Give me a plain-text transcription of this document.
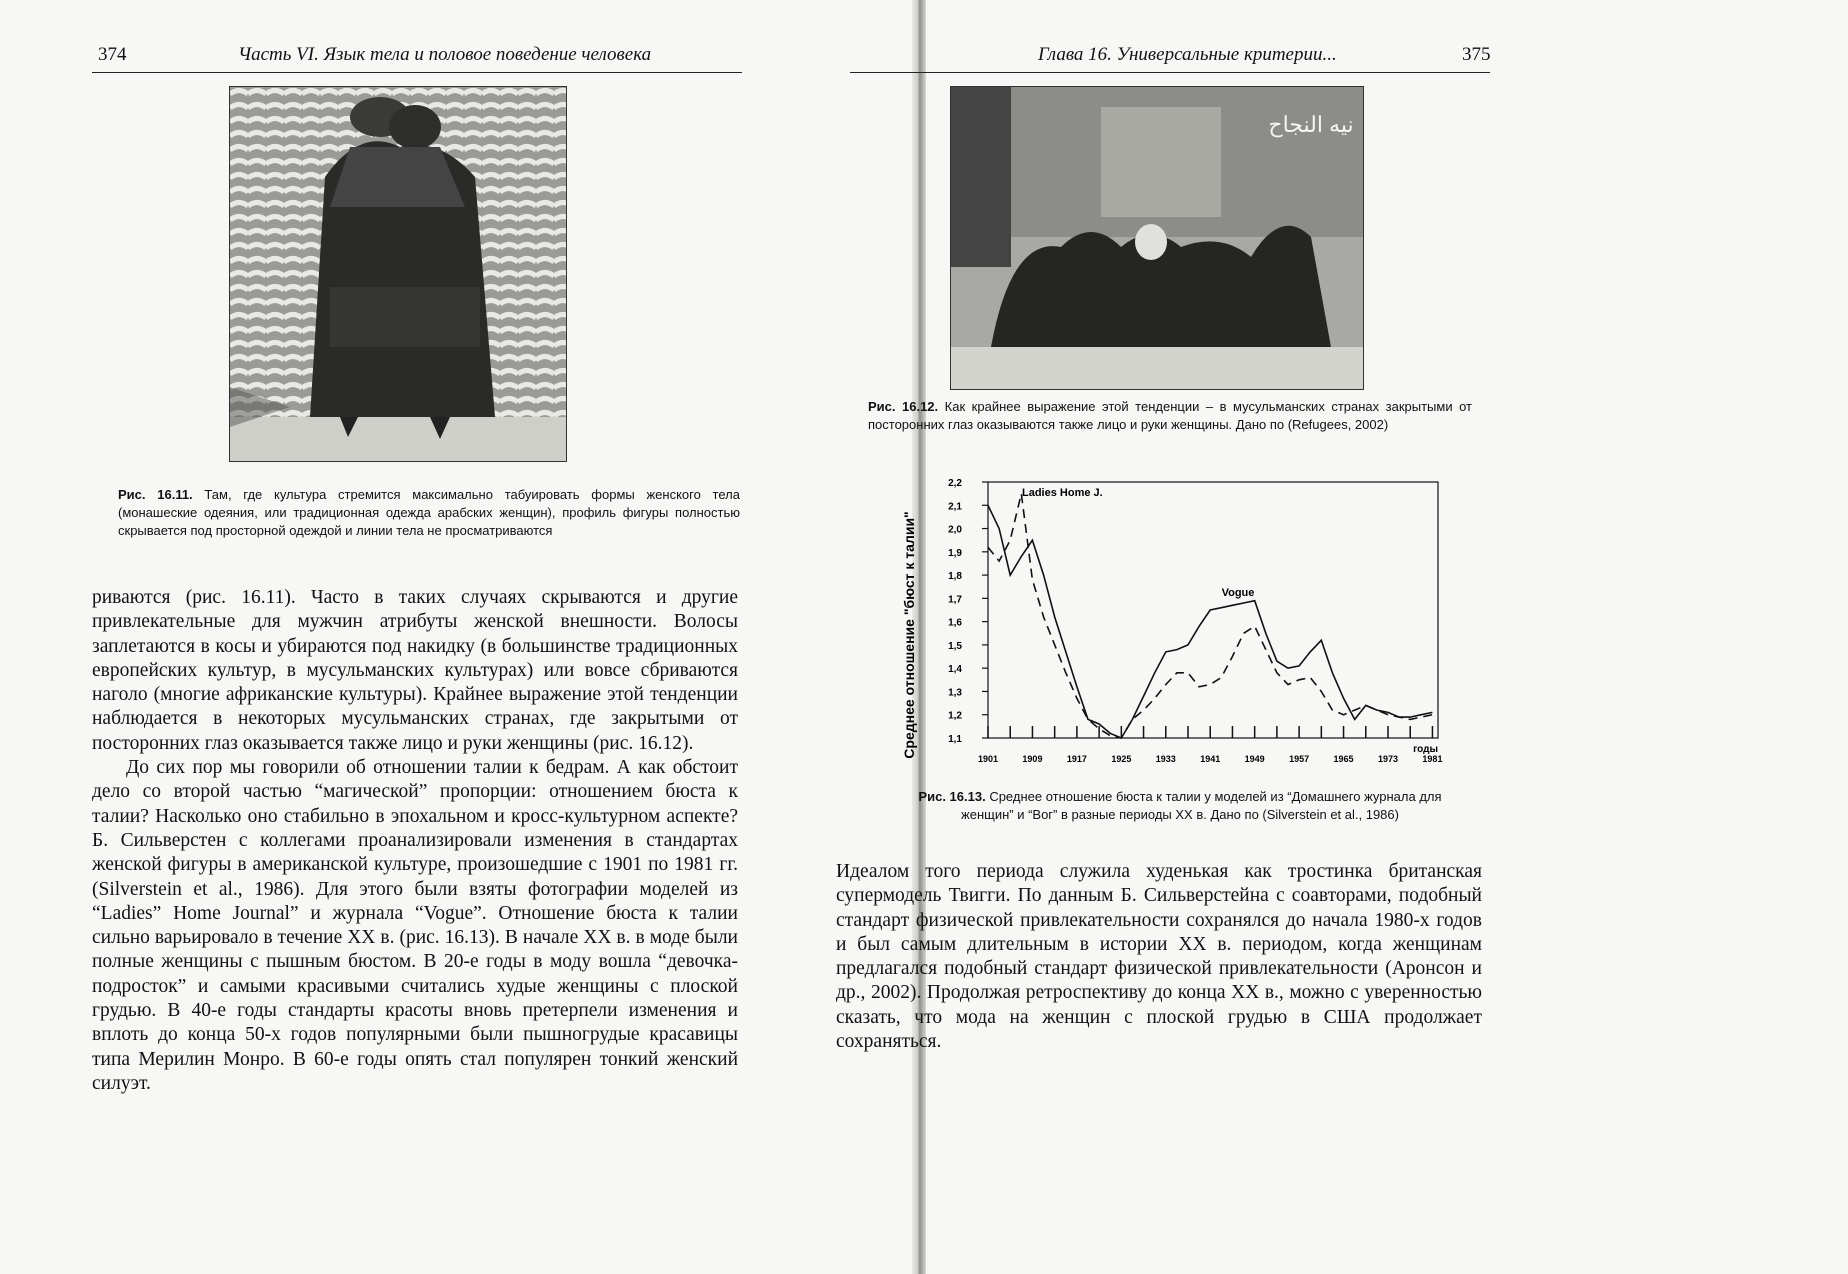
374	Часть VI. Язык тела и половое поведение человека
Рис. 16.11. Там, где культура стремится максимально табуировать формы женского тела (монашеские одеяния, или традиционная одежда арабских женщин), профиль фигуры полностью скрывается под просторной одеждой и линии тела не просматриваются

риваются (рис. 16.11). Часто в таких случаях скрываются и другие привлекательные для мужчин атрибуты женской внешности. Волосы заплетаются в косы и убираются под накидку (в большинстве традиционных европейских культур, в мусульманских культурах) или вовсе сбриваются наголо (многие африканские культуры). Крайнее выражение этой тенденции наблюдается в некоторых мусульманских странах, где закрытыми от посторонних глаз оказывается также лицо и руки женщины (рис. 16.12).

До сих пор мы говорили об отношении талии к бедрам. А как обстоит дело со второй частью “магической” пропорции: отношением бюста к талии? Насколько оно стабильно в эпохальном и кросс-культурном аспекте? Б. Сильверстен с коллегами проанализировали изменения в стандартах женской фигуры в американской культуре, произошедшие с 1901 по 1981 гг. (Silverstein et al., 1986). Для этого были взяты фотографии моделей из “Ladies” Home Journal” и журнала “Vogue”. Отношение бюста к талии сильно варьировало в течение XX в. (рис. 16.13). В начале XX в. в моде были полные женщины с пышным бюстом. В 20-е годы в моду вошла “девочка-подросток” и самыми красивыми считались худые женщины с плоской грудью. В 40-е годы стандарты красоты вновь претерпели изменения и вплоть до конца 50-х годов популярными были пышногрудые красавицы типа Мерилин Монро. В 60-е годы опять стал популярен тонкий женский силуэт.

Глава 16. Универсальные критерии...	375
ﻧﻴﻪ ﺍﻟﻨﺠﺎﺡ
Рис. 16.12. Как крайнее выражение этой тенденции – в мусульманских странах закрытыми от посторонних глаз оказываются также лицо и руки женщины. Дано по (Refugees, 2002)
Среднее отношение "бюст к талии"	1,1
1,2
1,3
1,4
1,5
1,6
1,7
1,8
1,9
2,0
2,1
2,2
1901	1909	1917	1925	1933	1941	1949	1957	1965	1973	1981
годы
Ladies Home J.
Vogue
Рис. 16.13. Среднее отношение бюста к талии у моделей из “Домашнего журнала для женщин” и “Вог” в разные периоды XX в. Дано по (Silverstein et al., 1986)

Идеалом того периода служила худенькая как тростинка британская супермодель Твигги. По данным Б. Сильверстейна с соавторами, подобный стандарт физической привлекательности сохранялся до начала 1980-х годов и был самым длительным в истории XX в. периодом, когда женщинам предлагался подобный стандарт физической привлекательности (Аронсон и др., 2002). Продолжая ретроспективу до конца XX в., можно с уверенностью сказать, что мода на женщин с плоской грудью в США продолжает сохраняться.
